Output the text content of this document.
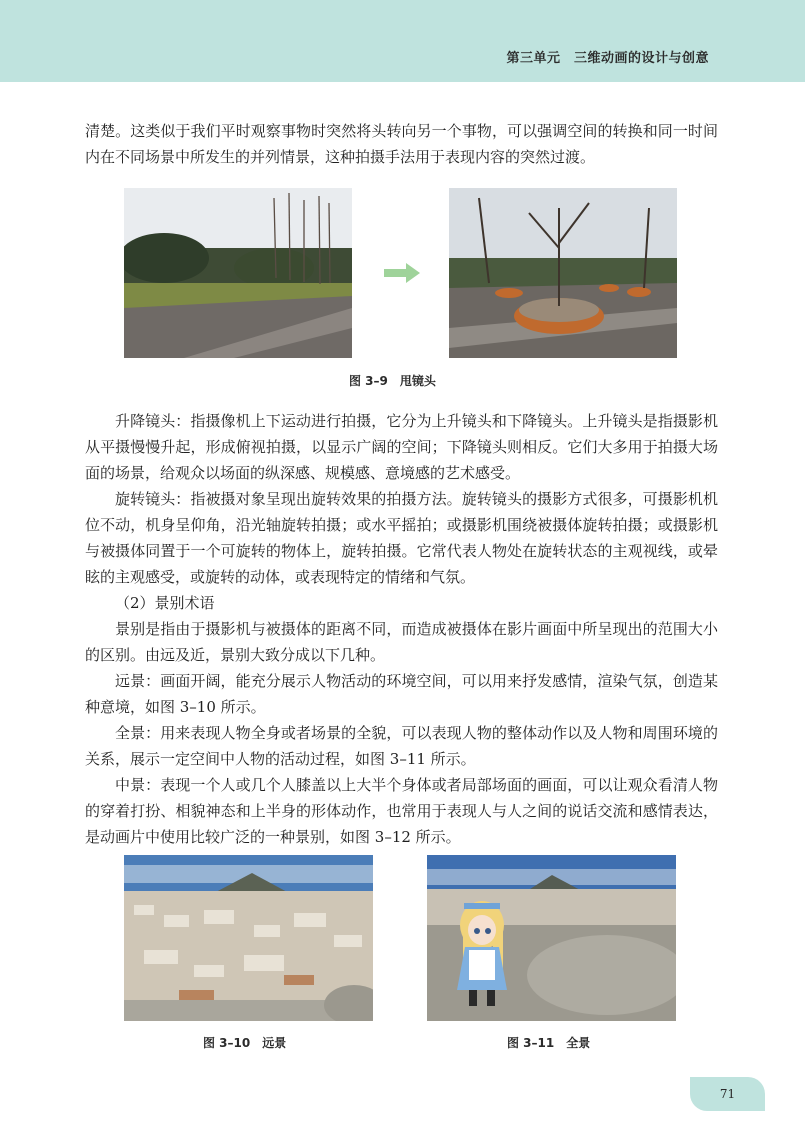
第三单元　三维动画的设计与创意

清楚。这类似于我们平时观察事物时突然将头转向另一个事物，可以强调空间的转换和同一时间内在不同场景中所发生的并列情景，这种拍摄手法用于表现内容的突然过渡。

图 3–9　甩镜头

升降镜头：指摄像机上下运动进行拍摄，它分为上升镜头和下降镜头。上升镜头是指摄影机从平摄慢慢升起，形成俯视拍摄，以显示广阔的空间；下降镜头则相反。它们大多用于拍摄大场面的场景，给观众以场面的纵深感、规模感、意境感的艺术感受。

旋转镜头：指被摄对象呈现出旋转效果的拍摄方法。旋转镜头的摄影方式很多，可摄影机机位不动，机身呈仰角，沿光轴旋转拍摄；或水平摇拍；或摄影机围绕被摄体旋转拍摄；或摄影机与被摄体同置于一个可旋转的物体上，旋转拍摄。它常代表人物处在旋转状态的主观视线，或晕眩的主观感受，或旋转的动体，或表现特定的情绪和气氛。

（2）景别术语

景别是指由于摄影机与被摄体的距离不同，而造成被摄体在影片画面中所呈现出的范围大小的区别。由远及近，景别大致分成以下几种。

远景：画面开阔，能充分展示人物活动的环境空间，可以用来抒发感情，渲染气氛，创造某种意境，如图 3–10 所示。

全景：用来表现人物全身或者场景的全貌，可以表现人物的整体动作以及人物和周围环境的关系，展示一定空间中人物的活动过程，如图 3–11 所示。

中景：表现一个人或几个人膝盖以上大半个身体或者局部场面的画面，可以让观众看清人物的穿着打扮、相貌神态和上半身的形体动作，也常用于表现人与人之间的说话交流和感情表达，是动画片中使用比较广泛的一种景别，如图 3–12 所示。

图 3–10　远景	图 3–11　全景
71
